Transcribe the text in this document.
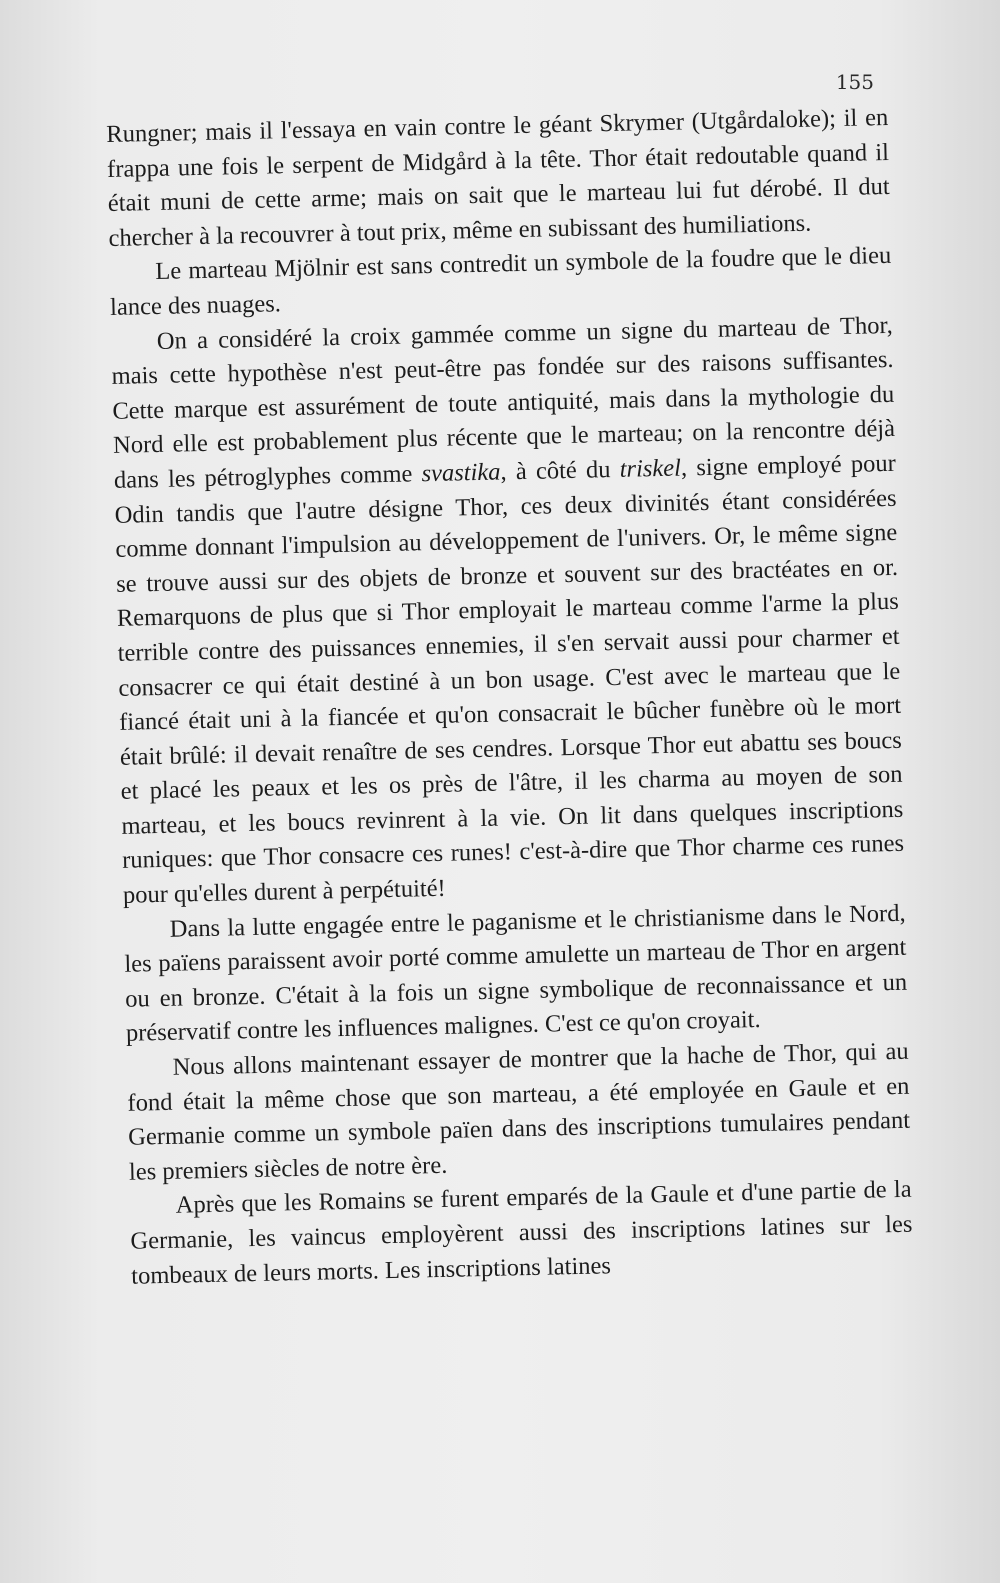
155

Rungner; mais il l'essaya en vain contre le géant Skrymer (Utgårdaloke); il en frappa une fois le serpent de Midgård à la tête. Thor était redoutable quand il était muni de cette arme; mais on sait que le marteau lui fut dérobé. Il dut chercher à la recouvrer à tout prix, même en subissant des humiliations.

Le marteau Mjölnir est sans contredit un symbole de la foudre que le dieu lance des nuages.

On a considéré la croix gammée comme un signe du marteau de Thor, mais cette hypothèse n'est peut-être pas fondée sur des raisons suffisantes. Cette marque est assurément de toute antiquité, mais dans la mythologie du Nord elle est probablement plus récente que le marteau; on la rencontre déjà dans les pétroglyphes comme svastika, à côté du triskel, signe employé pour Odin tandis que l'autre désigne Thor, ces deux divinités étant considérées comme donnant l'impulsion au développement de l'univers. Or, le même signe se trouve aussi sur des objets de bronze et souvent sur des bractéates en or. Remarquons de plus que si Thor employait le marteau comme l'arme la plus terrible contre des puissances ennemies, il s'en servait aussi pour charmer et consacrer ce qui était destiné à un bon usage. C'est avec le marteau que le fiancé était uni à la fiancée et qu'on consacrait le bûcher funèbre où le mort était brûlé: il devait renaître de ses cendres. Lorsque Thor eut abattu ses boucs et placé les peaux et les os près de l'âtre, il les charma au moyen de son marteau, et les boucs revinrent à la vie. On lit dans quelques inscriptions runiques: que Thor consacre ces runes! c'est-à-dire que Thor charme ces runes pour qu'elles durent à perpétuité!

Dans la lutte engagée entre le paganisme et le christianisme dans le Nord, les païens paraissent avoir porté comme amulette un marteau de Thor en argent ou en bronze. C'était à la fois un signe symbolique de reconnaissance et un préservatif contre les influences malignes. C'est ce qu'on croyait.

Nous allons maintenant essayer de montrer que la hache de Thor, qui au fond était la même chose que son marteau, a été employée en Gaule et en Germanie comme un symbole païen dans des inscriptions tumulaires pendant les premiers siècles de notre ère.

Après que les Romains se furent emparés de la Gaule et d'une partie de la Germanie, les vaincus employèrent aussi des inscriptions latines sur les tombeaux de leurs morts. Les inscriptions latines
